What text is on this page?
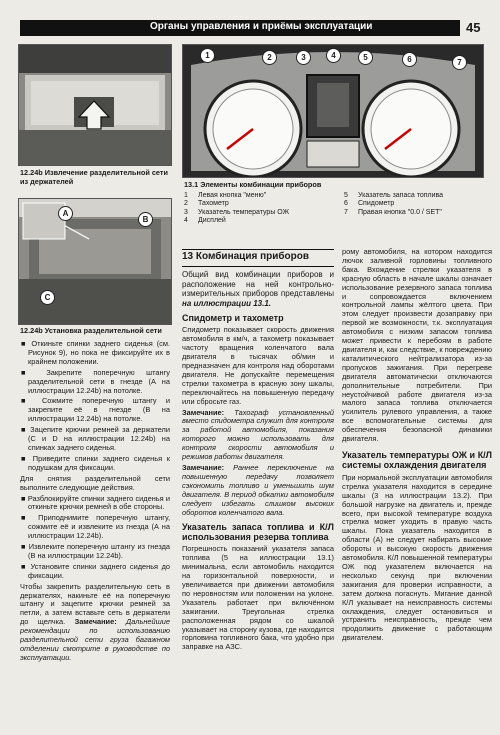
Органы управления и приёмы эксплуатации	45
12.24b Извлечение разделительной сети из держателей
A
B
C
12.24b Установка разделительной сети
1	2	3	4	5	6	7
13.1 Элементы комбинации приборов
1 Левая кнопка "меню"
2 Тахометр
3 Указатель температуры ОЖ
4 Дисплей
5 Указатель запаса топлива
6 Спидометр
7 Правая кнопка "0.0 / SET"

■ Откиньте спинки заднего сиденья (см. Рисунок 9), но пока не фиксируйте их в крайнем положении.

■ Закрепите поперечную штангу разделительной сети в гнезде (А на иллюстрации 12.24b) на потолке.

■ Сожмите поперечную штангу и закрепите её в гнезде (В на иллюстрации 12.24b) на потолке.

■ Зацепите крючки ремней за держатели (С и D на иллюстрации 12.24b) на спинках заднего сиденья.

■ Приведите спинки заднего сиденья к подушкам для фиксации.

Для снятия разделительной сети выполните следующие действия.

■ Разблокируйте спинки заднего сиденья и откиньте крючки ремней в обе стороны.

■ Приподнимите поперечную штангу, сожмите её и извлеките из гнезда (А на иллюстрации 12.24b).

■ Извлеките поперечную штангу из гнезда (В на иллюстрации 12.24b).

■ Установите спинки заднего сиденья до фиксации.

Чтобы закрепить разделительную сеть в держателях, накиньте её на поперечную штангу и зацепите крючки ремней за петли, а затем вставьте сеть в держатели до щелчка. Замечание: Дальнейшие рекомендации по использованию разделительной сети груза багажном отделении смотрите в руководстве по эксплуатации.

13 Комбинация приборов

Общий вид комбинации приборов и расположение на ней контрольно-измерительных приборов представлены на иллюстрации 13.1.

Спидометр и тахометр

Спидометр показывает скорость движения автомобиля в км/ч, а тахометр показывает частоту вращения коленчатого вала двигателя в тысячах об/мин и предназначен для контроля над оборотами двигателя. Не допускайте перемещения стрелки тахометра в красную зону шкалы, переключайтесь на повышенную передачу или сбросьте газ.

Замечание: Тахограф установленный вместо спидометра служит для контроля за работой автомобиля, показания которого можно использовать для контроля скорости автомобиля и режимов работы двигателя.

Замечание: Раннее переключение на повышенную передачу позволяет сэкономить топливо и уменьшить шум двигателя. В период обкатки автомобиля следует избегать слишком высоких оборотов коленчатого вала.

Указатель запаса топлива и К/Л использования резерва топлива

Погрешность показаний указателя запаса топлива (5 на иллюстрации 13.1) минимальна, если автомобиль находится на горизонтальной поверхности, и увеличивается при движении автомобиля по неровностям или положении на уклоне. Указатель работает при включённом зажигании. Треугольная стрелка расположенная рядом со шкалой указывает на сторону кузова, где находится горловина топливного бака, что удобно при заправке на АЗС.

рому автомобиля, на котором находится лючок заливной горловины топливного бака. Вхождение стрелки указателя в красную область в начале шкалы означает использование резервного запаса топлива и сопровождается включением контрольной лампы жёлтого цвета. При этом следует произвести дозаправку при первой же возможности, т.к. эксплуатация автомобиля с низким запасом топлива может привести к перебоям в работе двигателя и, как следствие, к повреждению каталитического нейтрализатора из-за пропусков зажигания. При перегреве двигателя автоматически отключаются дополнительные потребители. При неустойчивой работе двигателя из-за малого запаса топлива отключается усилитель рулевого управления, а также все вспомогательные системы для обеспечения безопасной динамики двигателя.

Указатель температуры ОЖ и К/Л системы охлаждения двигателя

При нормальной эксплуатации автомобиля стрелка указателя находится в середине шкалы (3 на иллюстрации 13.2). При большой нагрузке на двигатель и, прежде всего, при высокой температуре воздуха стрелка может уходить в правую часть шкалы. Пока указатель находится в области (А) не следует набирать высокие обороты и высокую скорость движения автомобиля. К/Л повышенной температуры ОЖ под указателем включается на несколько секунд при включении зажигания для проверки исправности, а затем должна погаснуть. Мигание данной К/Л указывает на неисправность системы охлаждения, следует остановиться и устранить неисправность, прежде чем продолжить движение с работающим двигателем.
